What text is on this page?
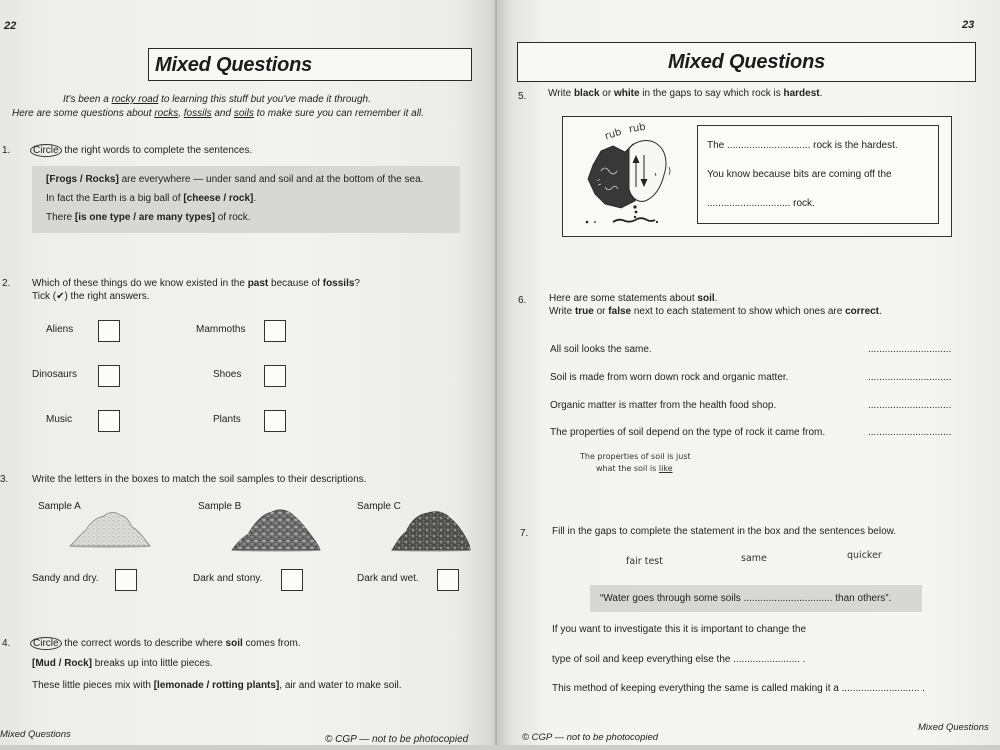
22
Mixed Questions
It's been a rocky road to learning this stuff but you've made it through.
Here are some questions about rocks, fossils and soils to make sure you can remember it all.
1. Circle the right words to complete the sentences.
[Frogs / Rocks] are everywhere — under sand and soil and at the bottom of the sea.
In fact the Earth is a big ball of [cheese / rock].
There [is one type / are many types] of rock.
2. Which of these things do we know existed in the past because of fossils?
Tick (✔) the right answers.
Aliens	Mammoths
Dinosaurs	Shoes
Music	Plants
3. Write the letters in the boxes to match the soil samples to their descriptions.
Sample A	Sample B	Sample C
Sandy and dry.	Dark and stony.	Dark and wet.
4. Circle the correct words to describe where soil comes from.
[Mud / Rock] breaks up into little pieces.
These little pieces mix with [lemonade / rotting plants], air and water to make soil.
Mixed Questions	© CGP — not to be photocopied
23
Mixed Questions
5. Write black or white in the gaps to say which rock is hardest.
rub rub
The .............................. rock is the hardest.
You know because bits are coming off the
.............................. rock.
6. Here are some statements about soil.
Write true or false next to each statement to show which ones are correct.
All soil looks the same.	..............................
Soil is made from worn down rock and organic matter.	..............................
Organic matter is matter from the health food shop.	..............................
The properties of soil depend on the type of rock it came from.	..............................
The properties of soil is just
what the soil is like
7. Fill in the gaps to complete the statement in the box and the sentences below.
fair test	same	quicker
“Water goes through some soils ................................ than others”.
If you want to investigate this it is important to change the
type of soil and keep everything else the ........................ .
This method of keeping everything the same is called making it a ............................ .
© CGP — not to be photocopied
Mixed Questions
